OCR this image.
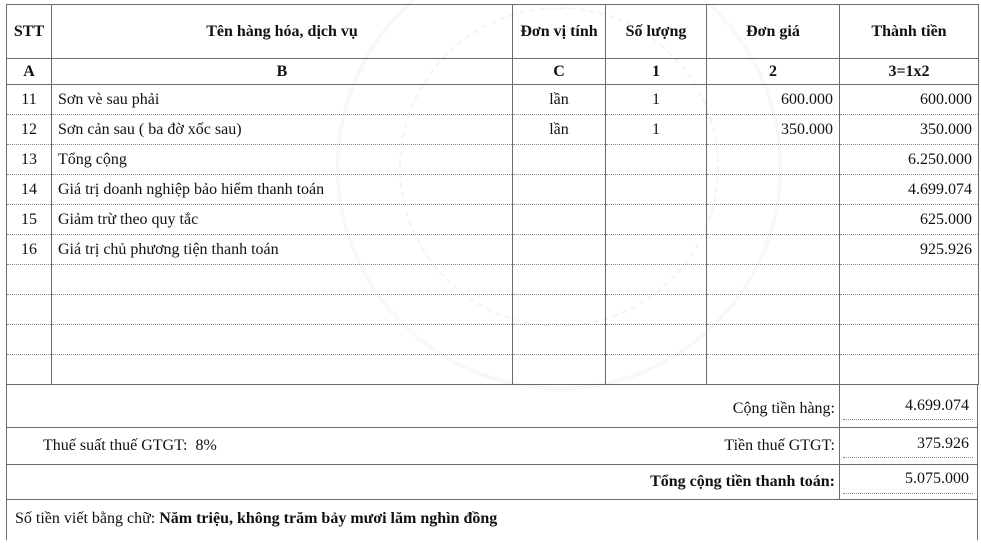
STT	Tên hàng hóa, dịch vụ	Đơn vị tính	Số lượng	Đơn giá	Thành tiền
A	B	C	1	2	3=1x2
11	Sơn vè sau phải	lần	1	600.000	600.000
12	Sơn cản sau ( ba đờ xốc sau)	lần	1	350.000	350.000
13	Tổng cộng				6.250.000
14	Giá trị doanh nghiệp bảo hiểm thanh toán				4.699.074
15	Giảm trừ theo quy tắc				625.000
16	Giá trị chủ phương tiện thanh toán				925.926

Cộng tiền hàng:	4.699.074
Thuế suất thuế GTGT: 8%	Tiền thuế GTGT:	375.926
Tổng cộng tiền thanh toán:	5.075.000
Số tiền viết bằng chữ: Năm triệu, không trăm bảy mươi lăm nghìn đồng
